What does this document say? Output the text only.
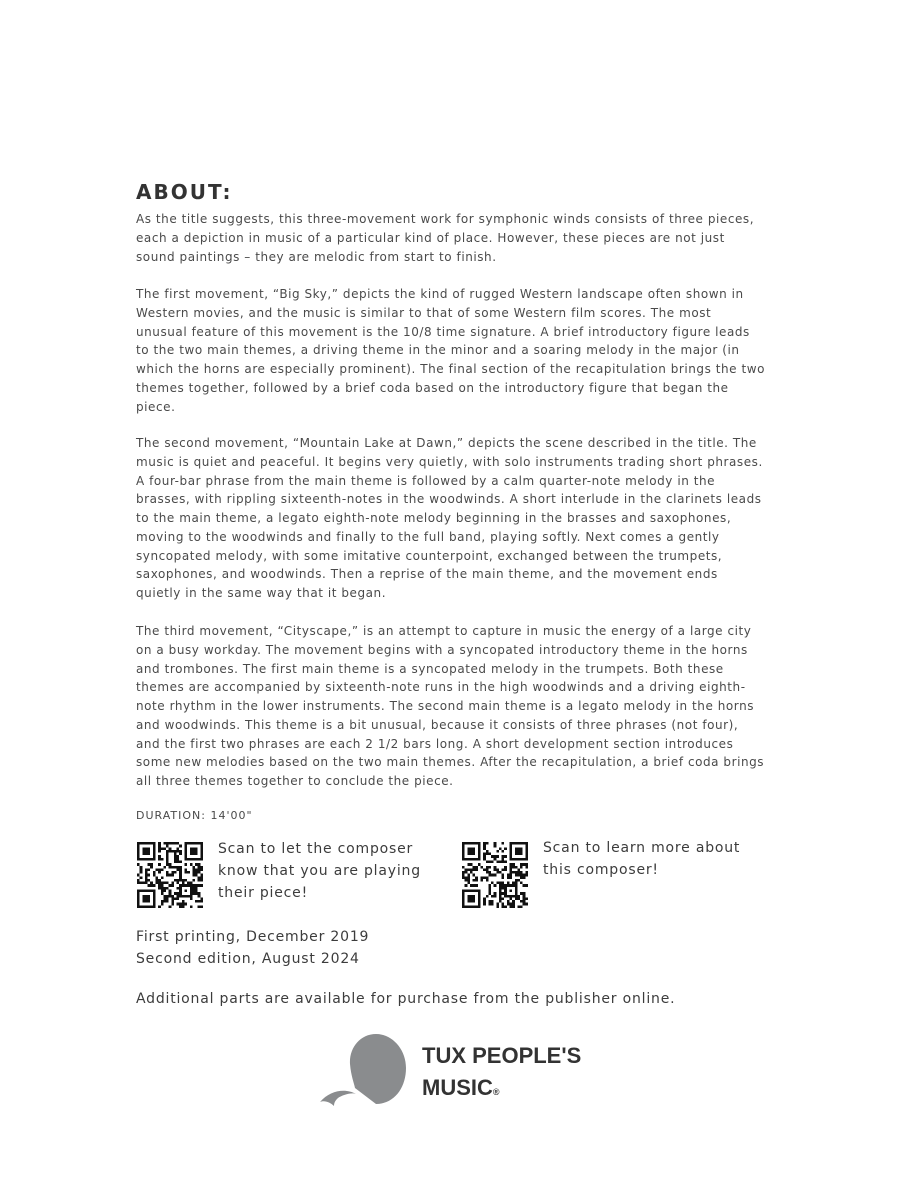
ABOUT:

As the title suggests, this three-movement work for symphonic winds consists of three pieces, each a depiction in music of a particular kind of place. However, these pieces are not just sound paintings – they are melodic from start to finish.

The first movement, “Big Sky,” depicts the kind of rugged Western landscape often shown in Western movies, and the music is similar to that of some Western film scores. The most unusual feature of this movement is the 10/8 time signature. A brief introductory figure leads to the two main themes, a driving theme in the minor and a soaring melody in the major (in which the horns are especially prominent). The final section of the recapitulation brings the two themes together, followed by a brief coda based on the introductory figure that began the piece.

The second movement, “Mountain Lake at Dawn,” depicts the scene described in the title. The music is quiet and peaceful. It begins very quietly, with solo instruments trading short phrases. A four-bar phrase from the main theme is followed by a calm quarter-note melody in the brasses, with rippling sixteenth-notes in the woodwinds. A short interlude in the clarinets leads to the main theme, a legato eighth-note melody beginning in the brasses and saxophones, moving to the woodwinds and finally to the full band, playing softly. Next comes a gently syncopated melody, with some imitative counterpoint, exchanged between the trumpets, saxophones, and woodwinds. Then a reprise of the main theme, and the movement ends quietly in the same way that it began.

The third movement, “Cityscape,” is an attempt to capture in music the energy of a large city on a busy workday. The movement begins with a syncopated introductory theme in the horns and trombones. The first main theme is a syncopated melody in the trumpets. Both these themes are accompanied by sixteenth-note runs in the high woodwinds and a driving eighth-note rhythm in the lower instruments. The second main theme is a legato melody in the horns and woodwinds. This theme is a bit unusual, because it consists of three phrases (not four), and the first two phrases are each 2 1/2 bars long. A short development section introduces some new melodies based on the two main themes. After the recapitulation, a brief coda brings all three themes together to conclude the piece.

DURATION: 14'00"
Scan to let the composer know that you are playing their piece!
Scan to learn more about this composer!
First printing, December 2019
Second edition, August 2024
Additional parts are available for purchase from the publisher online.
TUX PEOPLE'S
MUSIC®
